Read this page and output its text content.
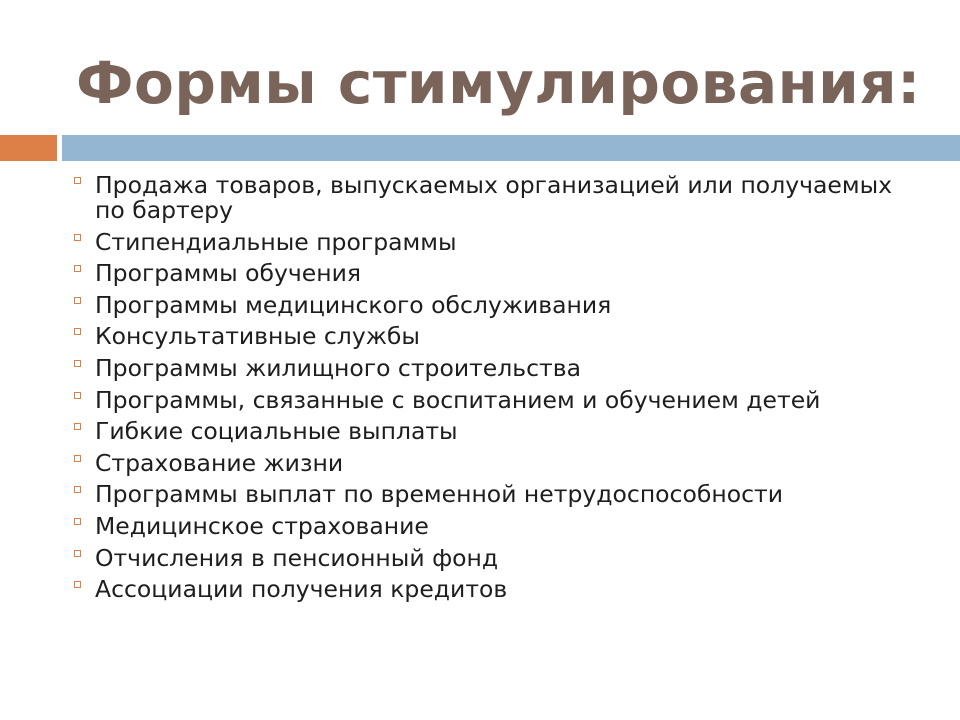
Формы стимулирования:
Продажа товаров, выпускаемых организацией или получаемых по бартеру
Стипендиальные программы
Программы обучения
Программы медицинского обслуживания
Консультативные службы
Программы жилищного строительства
Программы, связанные с воспитанием и обучением детей
Гибкие социальные выплаты
Страхование жизни
Программы выплат по временной нетрудоспособности
Медицинское страхование
Отчисления в пенсионный фонд
Ассоциации получения кредитов
